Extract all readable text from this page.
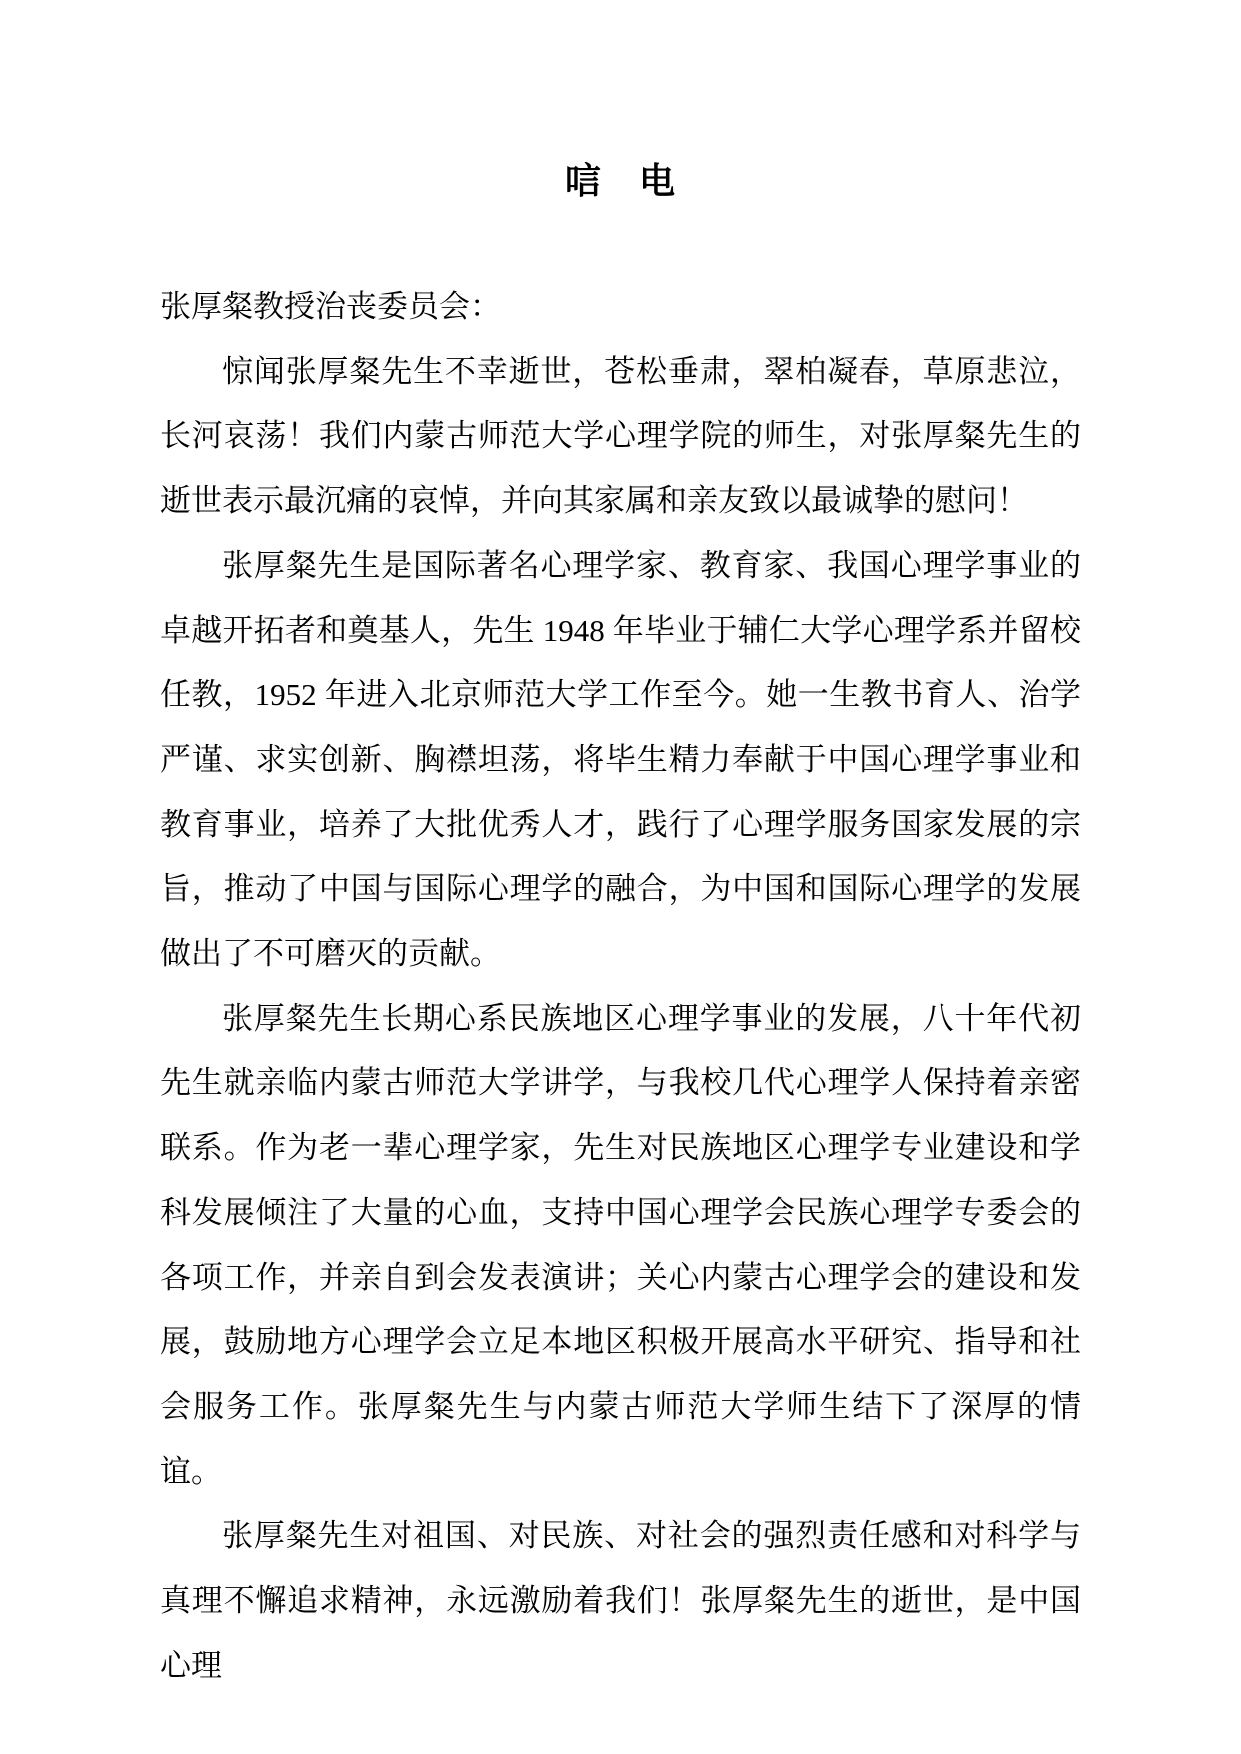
唁　电

张厚粲教授治丧委员会：

惊闻张厚粲先生不幸逝世，苍松垂肃，翠柏凝春，草原悲泣，长河哀荡！我们内蒙古师范大学心理学院的师生，对张厚粲先生的逝世表示最沉痛的哀悼，并向其家属和亲友致以最诚挚的慰问！

张厚粲先生是国际著名心理学家、教育家、我国心理学事业的卓越开拓者和奠基人，先生 1948 年毕业于辅仁大学心理学系并留校任教，1952 年进入北京师范大学工作至今。她一生教书育人、治学严谨、求实创新、胸襟坦荡，将毕生精力奉献于中国心理学事业和教育事业，培养了大批优秀人才，践行了心理学服务国家发展的宗旨，推动了中国与国际心理学的融合，为中国和国际心理学的发展做出了不可磨灭的贡献。

张厚粲先生长期心系民族地区心理学事业的发展，八十年代初先生就亲临内蒙古师范大学讲学，与我校几代心理学人保持着亲密联系。作为老一辈心理学家，先生对民族地区心理学专业建设和学科发展倾注了大量的心血，支持中国心理学会民族心理学专委会的各项工作，并亲自到会发表演讲；关心内蒙古心理学会的建设和发展，鼓励地方心理学会立足本地区积极开展高水平研究、指导和社会服务工作。张厚粲先生与内蒙古师范大学师生结下了深厚的情谊。

张厚粲先生对祖国、对民族、对社会的强烈责任感和对科学与真理不懈追求精神，永远激励着我们！张厚粲先生的逝世，是中国心理
